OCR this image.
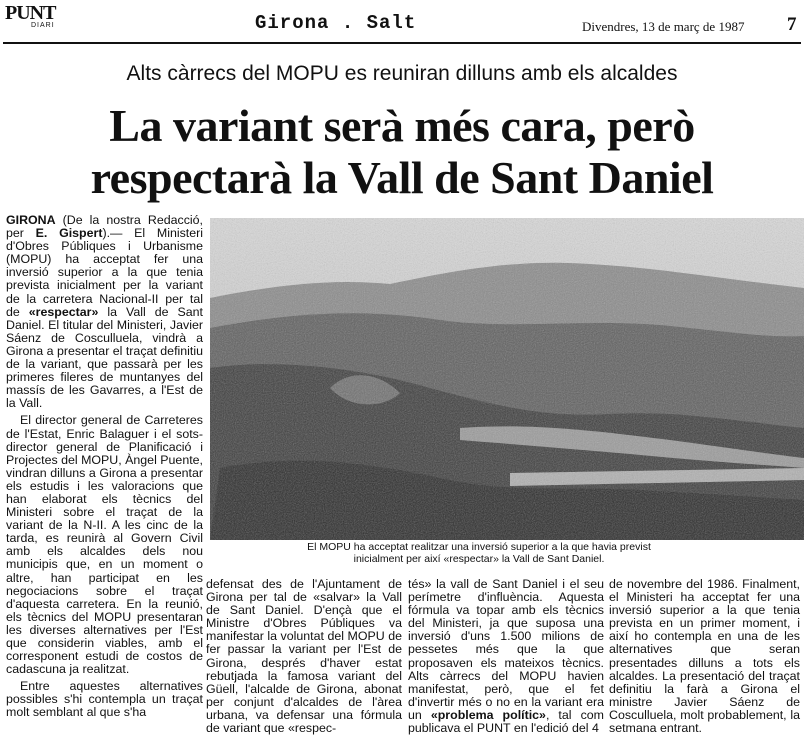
PUNT
DIARI	Girona . Salt	Divendres, 13 de març de 1987 7
Alts càrrecs del MOPU es reuniran dilluns amb els alcaldes
La variant serà més cara, però
respectarà la Vall de Sant Daniel

GIRONA (De la nostra Redacció, per E. Gispert).— El Ministeri d'Obres Públiques i Urbanisme (MOPU) ha acceptat fer una inversió superior a la que tenia prevista inicialment per la variant de la carretera Nacional-II per tal de «respectar» la Vall de Sant Daniel. El titular del Ministeri, Javier Sáenz de Cosculluela, vindrà a Girona a presentar el traçat definitiu de la variant, que passarà per les primeres fileres de muntanyes del massís de les Gavarres, a l'Est de la Vall.

El director general de Carreteres de l'Estat, Enric Balaguer i el sots-director general de Planificació i Projectes del MOPU, Àngel Puente, vindran dilluns a Girona a presentar els estudis i les valoracions que han elaborat els tècnics del Ministeri sobre el traçat de la variant de la N-II. A les cinc de la tarda, es reunirà al Govern Civil amb els alcaldes dels nou municipis que, en un moment o altre, han participat en les negociacions sobre el traçat d'aquesta carretera. En la reunió, els tècnics del MOPU presentaran les diverses alternatives per l'Est que considerin viables, amb el corresponent estudi de costos de cadascuna ja realitzat.

Entre aquestes alternatives possibles s'hi contempla un traçat molt semblant al que s'ha

El MOPU ha acceptat realitzar una inversió superior a la que havia previst inicialment per així «respectar» la Vall de Sant Daniel.

defensat des de l'Ajuntament de Girona per tal de «salvar» la Vall de Sant Daniel. D'ençà que el Ministre d'Obres Públiques va manifestar la voluntat del MOPU de fer passar la variant per l'Est de Girona, després d'haver estat rebutjada la famosa variant del Güell, l'alcalde de Girona, abonat per conjunt d'alcaldes de l'àrea urbana, va defensar una fórmula de variant que «respec-

tés» la vall de Sant Daniel i el seu perímetre d'influència. Aquesta fórmula va topar amb els tècnics del Ministeri, ja que suposa una inversió d'uns 1.500 milions de pessetes més que la que proposaven els mateixos tècnics. Alts càrrecs del MOPU havien manifestat, però, que el fet d'invertir més o no en la variant era un «problema polític», tal com publicava el PUNT en l'edició del 4

de novembre del 1986. Finalment, el Ministeri ha acceptat fer una inversió superior a la que tenia prevista en un primer moment, i així ho contempla en una de les alternatives que seran presentades dilluns a tots els alcaldes. La presentació del traçat definitiu la farà a Girona el ministre Javier Sáenz de Cosculluela, molt probablement, la setmana entrant.
